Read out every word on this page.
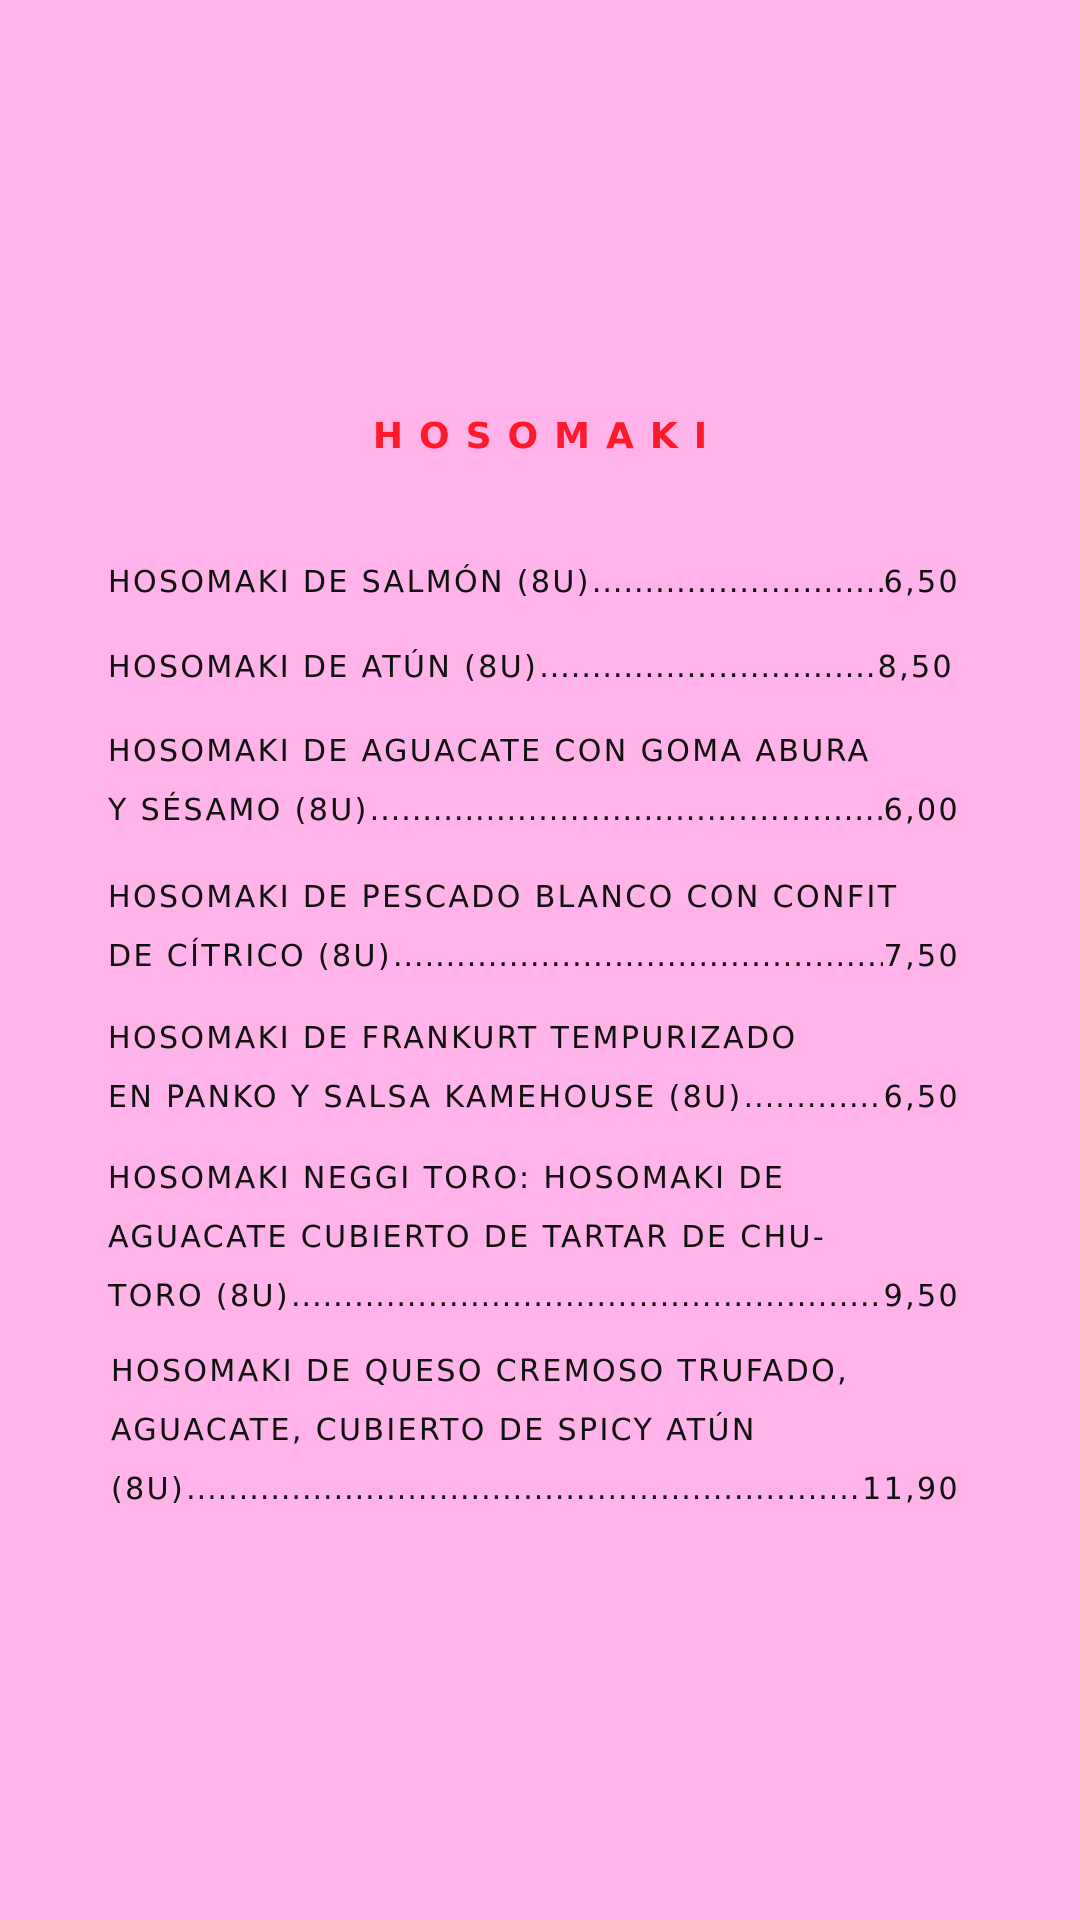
HOSOMAKI
HOSOMAKI DE SALMÓN (8U) .....	6,50
HOSOMAKI DE ATÚN (8U) .....	8,50
HOSOMAKI DE AGUACATE CON GOMA ABURA
Y SÉSAMO (8U) .....	6,00
HOSOMAKI DE PESCADO BLANCO CON CONFIT
DE CÍTRICO (8U) .....	7,50
HOSOMAKI DE FRANKURT TEMPURIZADO
EN PANKO Y SALSA KAMEHOUSE (8U) .....	6,50
HOSOMAKI NEGGI TORO: HOSOMAKI DE
AGUACATE CUBIERTO DE TARTAR DE CHU-
TORO (8U) .....	9,50
HOSOMAKI DE QUESO CREMOSO TRUFADO,
AGUACATE, CUBIERTO DE SPICY ATÚN
(8U) .....	11,90
